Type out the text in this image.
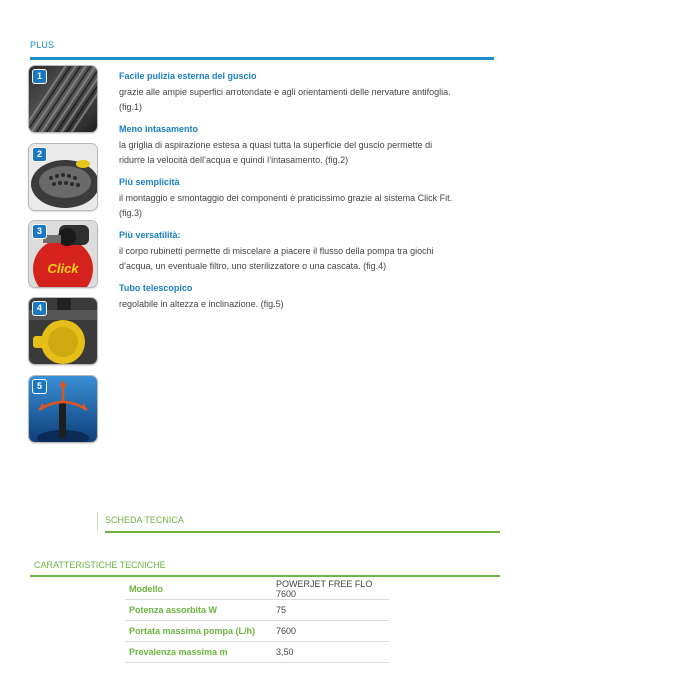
PLUS
1
2
Click
3
4
5

Facile pulizia esterna del guscio

grazie alle ampie superfici arrotondate e agli orientamenti delle nervature antifoglia.

(fig.1)

Meno intasamento

la griglia di aspirazione estesa a quasi tutta la superficie del guscio permette di

ridurre la velocità dell’acqua e quindi l’intasamento. (fig.2)

Più semplicità

il montaggio e smontaggio dei componenti è praticissimo grazie al sistema Click Fit.

(fig.3)

Più versatilità:

il corpo rubinetti permette di miscelare a piacere il flusso della pompa tra giochi

d’acqua, un eventuale filtro, uno sterilizzatore o una cascata. (fig.4)

Tubo telescopico

regolabile in altezza e inclinazione. (fig.5)

SCHEDA TECNICA
CARATTERISTICHE TECNICHE
Modello	POWERJET FREE FLO 7600
Potenza assorbita W	75
Portata massima pompa (L/h)	7600
Prevalenza massima m	3,50
